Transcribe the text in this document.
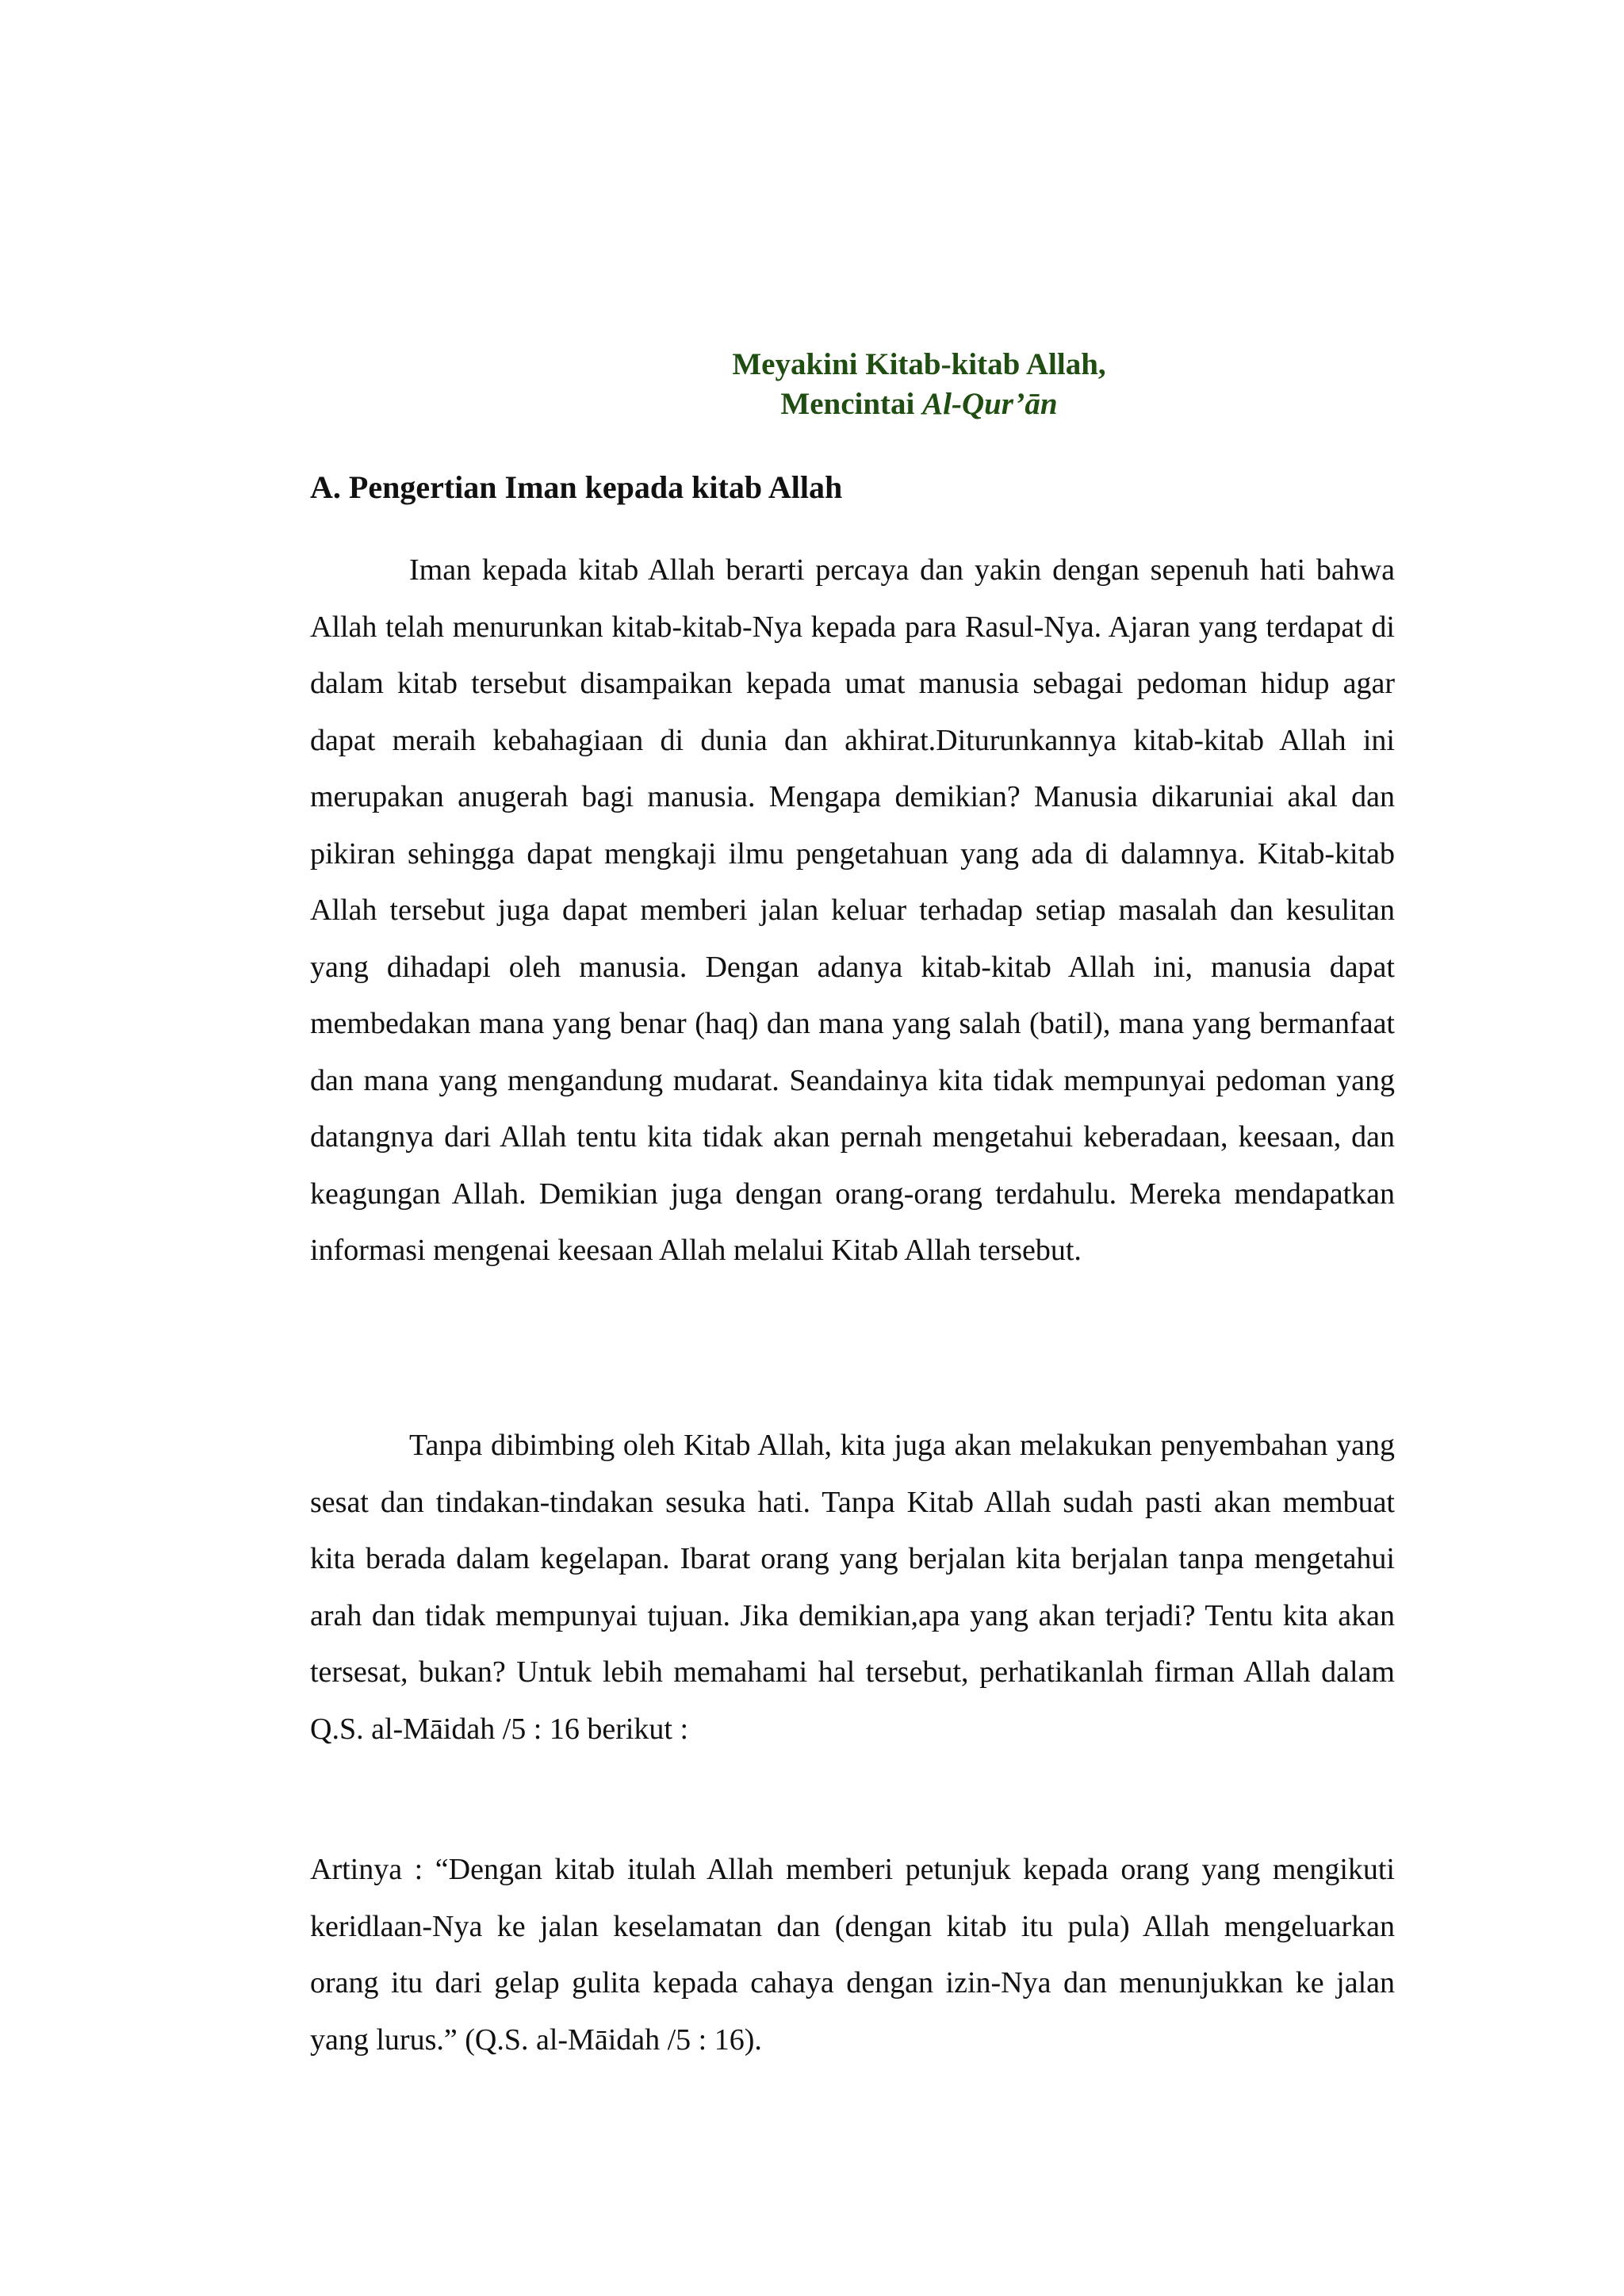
Meyakini Kitab-kitab Allah,
Mencintai Al-Qur’ān
A. Pengertian Iman kepada kitab Allah

Iman kepada kitab Allah berarti percaya dan yakin dengan sepenuh hati bahwa Allah telah menurunkan kitab-kitab-Nya kepada para Rasul-Nya. Ajaran yang terdapat di dalam kitab tersebut disampaikan kepada umat manusia sebagai pedoman hidup agar dapat meraih kebahagiaan di dunia dan akhirat.Diturunkannya kitab-kitab Allah ini merupakan anugerah bagi manusia. Mengapa demikian? Manusia dikaruniai akal dan pikiran sehingga dapat mengkaji ilmu pengetahuan yang ada di dalamnya. Kitab-kitab Allah tersebut juga dapat memberi jalan keluar terhadap setiap masalah dan kesulitan yang dihadapi oleh manusia. Dengan adanya kitab-kitab Allah ini, manusia dapat membedakan mana yang benar (haq) dan mana yang salah (batil), mana yang bermanfaat dan mana yang mengandung mudarat. Seandainya kita tidak mempunyai pedoman yang datangnya dari Allah tentu kita tidak akan pernah mengetahui keberadaan, keesaan, dan keagungan Allah. Demikian juga dengan orang-orang terdahulu. Mereka mendapatkan informasi mengenai keesaan Allah melalui Kitab Allah tersebut.

Tanpa dibimbing oleh Kitab Allah, kita juga akan melakukan penyembahan yang sesat dan tindakan-tindakan sesuka hati. Tanpa Kitab Allah sudah pasti akan membuat kita berada dalam kegelapan. Ibarat orang yang berjalan kita berjalan tanpa mengetahui arah dan tidak mempunyai tujuan. Jika demikian,apa yang akan terjadi? Tentu kita akan tersesat, bukan? Untuk lebih memahami hal tersebut, perhatikanlah firman Allah dalam Q.S. al-Māidah /5 : 16 berikut :

Artinya : “Dengan kitab itulah Allah memberi petunjuk kepada orang yang mengikuti keridlaan-Nya ke jalan keselamatan dan (dengan kitab itu pula) Allah mengeluarkan orang itu dari gelap gulita kepada cahaya dengan izin-Nya dan menunjukkan ke jalan yang lurus.” (Q.S. al-Māidah /5 : 16).
